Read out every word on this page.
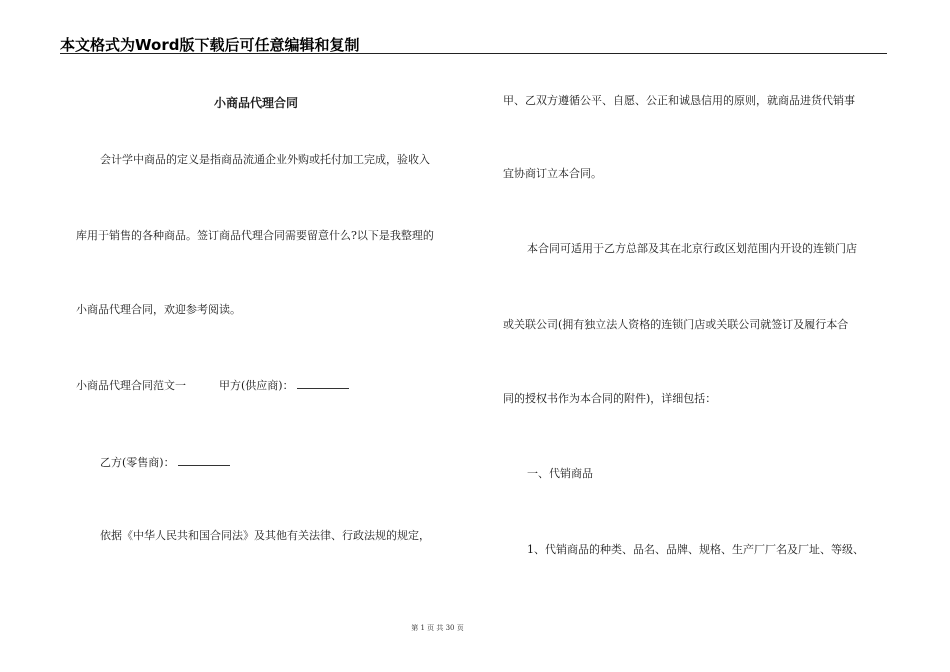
本文格式为Word版下载后可任意编辑和复制
小商品代理合同
会计学中商品的定义是指商品流通企业外购或托付加工完成，验收入
库用于销售的各种商品。签订商品代理合同需要留意什么?以下是我整理的
小商品代理合同，欢迎参考阅读。
小商品代理合同范文一	甲方(供应商)：
乙方(零售商)：
依据《中华人民共和国合同法》及其他有关法律、行政法规的规定，
甲、乙双方遵循公平、自愿、公正和诚恳信用的原则，就商品进货代销事
宜协商订立本合同。
本合同可适用于乙方总部及其在北京行政区划范围内开设的连锁门店
或关联公司(拥有独立法人资格的连锁门店或关联公司就签订及履行本合
同的授权书作为本合同的附件)，详细包括：
一、代销商品
1、代销商品的种类、品名、品牌、规格、生产厂厂名及厂址、等级、
第 1 页 共 30 页
